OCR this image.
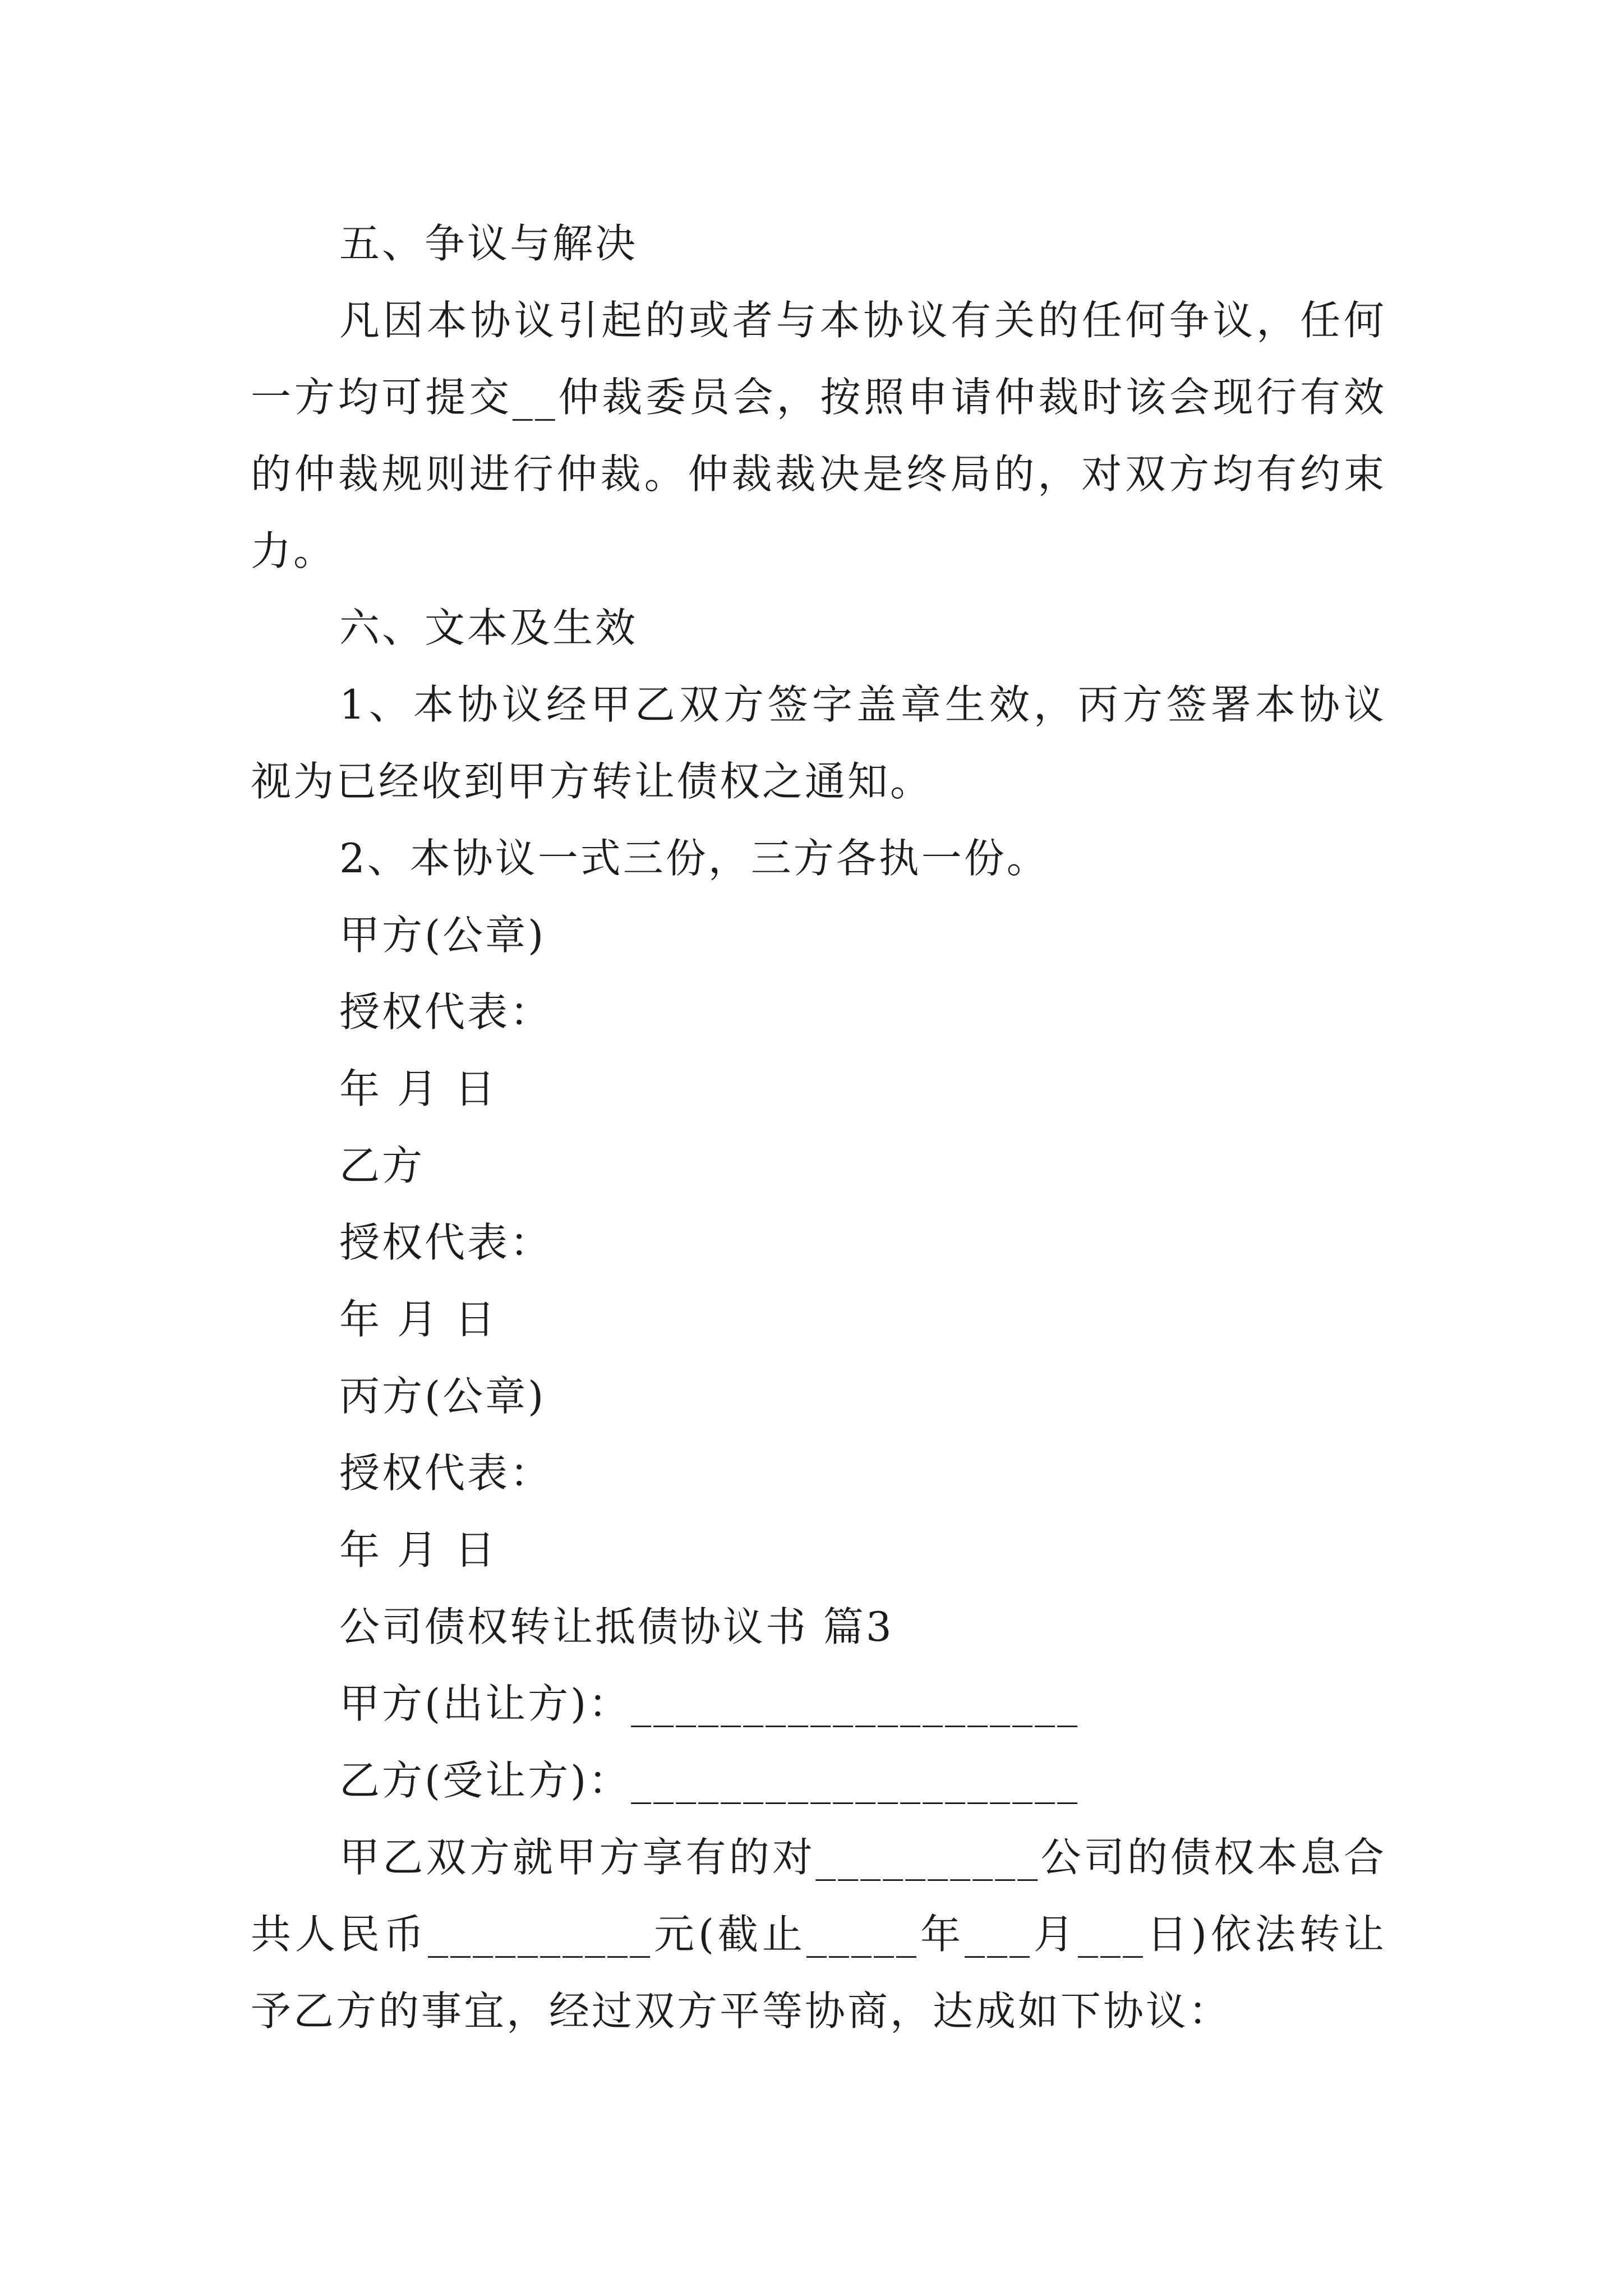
五、争议与解决
凡因本协议引起的或者与本协议有关的任何争议，任何
一方均可提交__仲裁委员会，按照申请仲裁时该会现行有效
的仲裁规则进行仲裁。仲裁裁决是终局的，对双方均有约束
力。
六、文本及生效
1、本协议经甲乙双方签字盖章生效，丙方签署本协议
视为已经收到甲方转让债权之通知。
2、本协议一式三份，三方各执一份。
甲方(公章)
授权代表：
年 月 日
乙方
授权代表：
年 月 日
丙方(公章)
授权代表：
年 月 日
公司债权转让抵债协议书 篇3
甲方(出让方)：____________________
乙方(受让方)：____________________
甲乙双方就甲方享有的对__________公司的债权本息合
共人民币__________元(截止_____年___月___日)依法转让
予乙方的事宜，经过双方平等协商，达成如下协议：
